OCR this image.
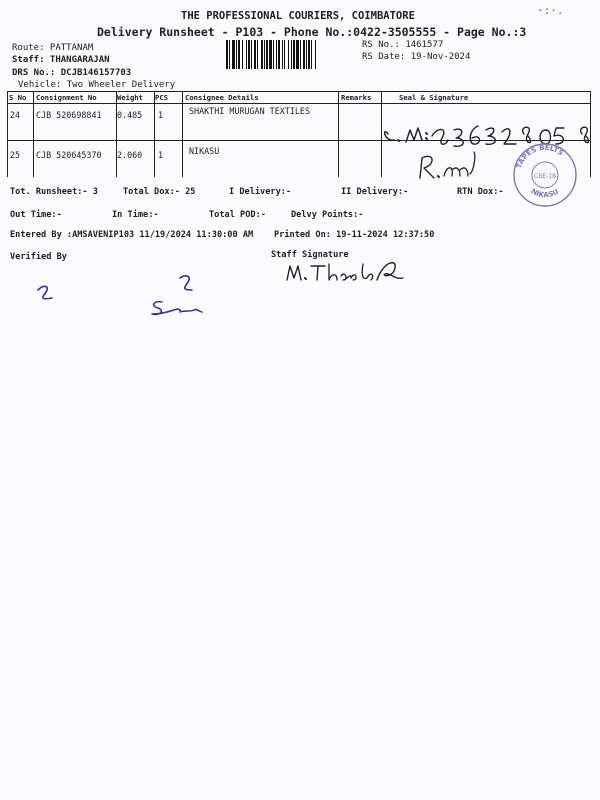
·:·.
THE PROFESSIONAL COURIERS, COIMBATORE
Delivery Runsheet - P103 - Phone No.:0422-3505555 - Page No.:3
Route: PATTANAM
Staff: THANGARAJAN
DRS No.: DCJB146157703
Vehicle: Two Wheeler Delivery
RS No.: 1461577
RS Date: 19-Nov-2024
S No Consignment No	Weight PCS Consignee Details	Remarks	Seal & Signature
24 CJB 520698841 0.485 1	SHAKTHI MURUGAN TEXTILES
25 CJB 520645370 2.060 1	NIKASU
TAPES BELTS
NIKASU
CBE-18
Tot. Runsheet:- 3	Total Dox:- 25	I Delivery:-	II Delivery:-	RTN Dox:-
Out Time:-	In Time:-	Total POD:-	Delvy Points:-
Entered By :AMSAVENIP103 11/19/2024 11:30:00 AM Printed On: 19-11-2024 12:37:50
Verified By	Staff Signature
